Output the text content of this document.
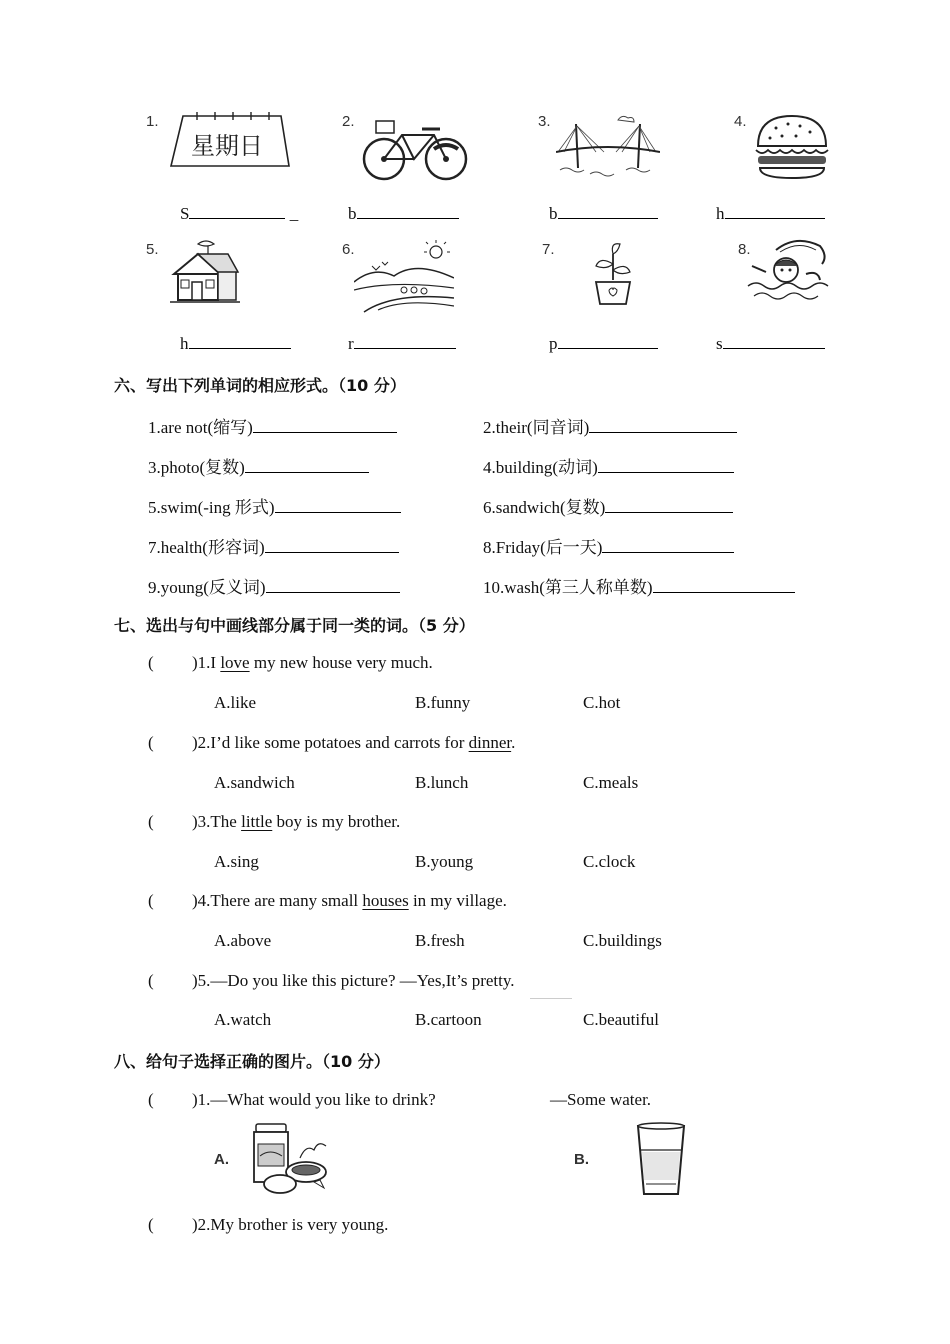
1.
星期日
2.	3.	4.
S	_	b	b	h
5.	6.	7.	8.
h	r	p	s
六、写出下列单词的相应形式。（10 分）
1.are not(缩写)	2.their(同音词)
3.photo(复数)	4.building(动词)
5.swim(-ing 形式)	6.sandwich(复数)
7.health(形容词)	8.Friday(后一天)
9.young(反义词)	10.wash(第三人称单数)
七、选出与句中画线部分属于同一类的词。（5 分）
( )1.I love my new house very much.
A.like	B.funny	C.hot
( )2.I’d like some potatoes and carrots for dinner.
A.sandwich	B.lunch	C.meals
( )3.The little boy is my brother.
A.sing	B.young	C.clock
( )4.There are many small houses in my village.
A.above	B.fresh	C.buildings
( )5.—Do you like this picture? —Yes,It’s pretty.
A.watch	B.cartoon	C.beautiful
八、给句子选择正确的图片。（10 分）
( )1.—What would you like to drink?	—Some water.
A.	B.
( )2.My brother is very young.
